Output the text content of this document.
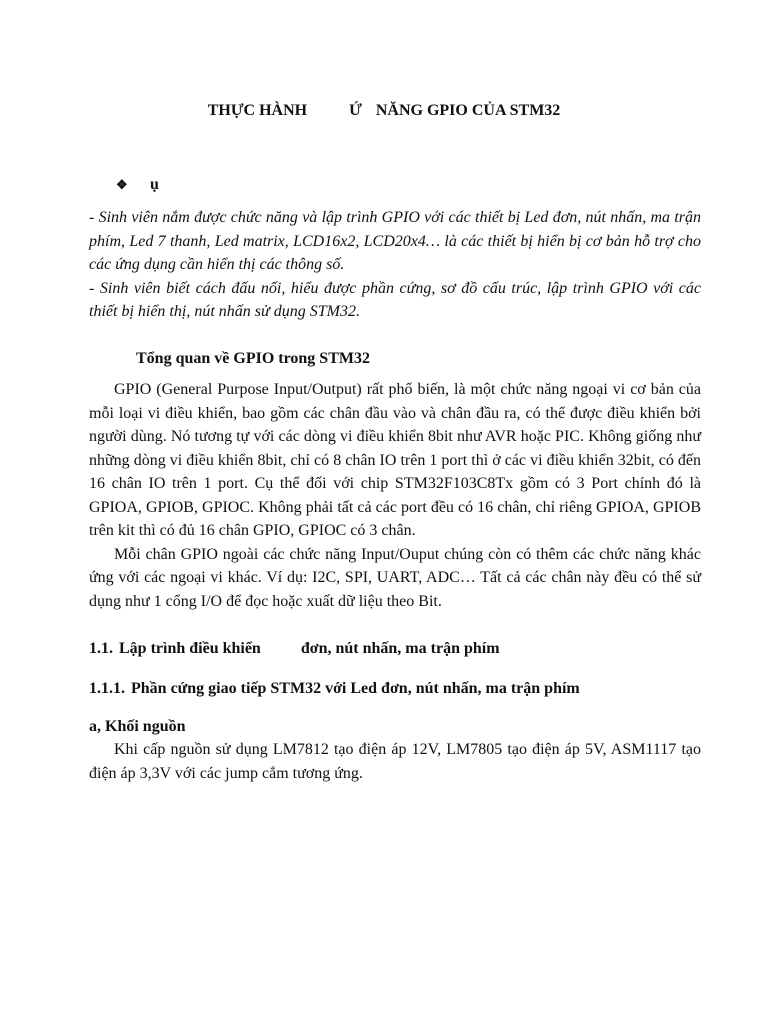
THỰC HÀNH	Ứ NĂNG GPIO CỦA STM32
❖ ụ

- Sinh viên nắm được chức năng và lập trình GPIO với các thiết bị Led đơn, nút nhấn, ma trận phím, Led 7 thanh, Led matrix, LCD16x2, LCD20x4… là các thiết bị hiển bị cơ bản hỗ trợ cho các ứng dụng cần hiển thị các thông số.

- Sinh viên biết cách đấu nối, hiểu được phần cứng, sơ đồ cấu trúc, lập trình GPIO với các thiết bị hiển thị, nút nhấn sử dụng STM32.

Tổng quan về GPIO trong STM32

GPIO (General Purpose Input/Output) rất phổ biến, là một chức năng ngoại vi cơ bản của mỗi loại vi điều khiển, bao gồm các chân đầu vào và chân đầu ra, có thể được điều khiển bởi người dùng. Nó tương tự với các dòng vi điều khiển 8bit như AVR hoặc PIC. Không giống như những dòng vi điều khiển 8bit, chỉ có 8 chân IO trên 1 port thì ở các vi điều khiển 32bit, có đến 16 chân IO trên 1 port. Cụ thể đối với chip STM32F103C8Tx gồm có 3 Port chính đó là GPIOA, GPIOB, GPIOC. Không phải tất cả các port đều có 16 chân, chỉ riêng GPIOA, GPIOB trên kit thì có đủ 16 chân GPIO, GPIOC có 3 chân.

Mỗi chân GPIO ngoài các chức năng Input/Ouput chúng còn có thêm các chức năng khác ứng với các ngoại vi khác. Ví dụ: I2C, SPI, UART, ADC… Tất cả các chân này đều có thể sử dụng như 1 cổng I/O để đọc hoặc xuất dữ liệu theo Bit.

1.1. Lập trình điều khiển	đơn, nút nhấn, ma trận phím
1.1.1. Phần cứng giao tiếp STM32 với Led đơn, nút nhấn, ma trận phím
a, Khối nguồn

Khi cấp nguồn sử dụng LM7812 tạo điện áp 12V, LM7805 tạo điện áp 5V, ASM1117 tạo điện áp 3,3V với các jump cắm tương ứng.
